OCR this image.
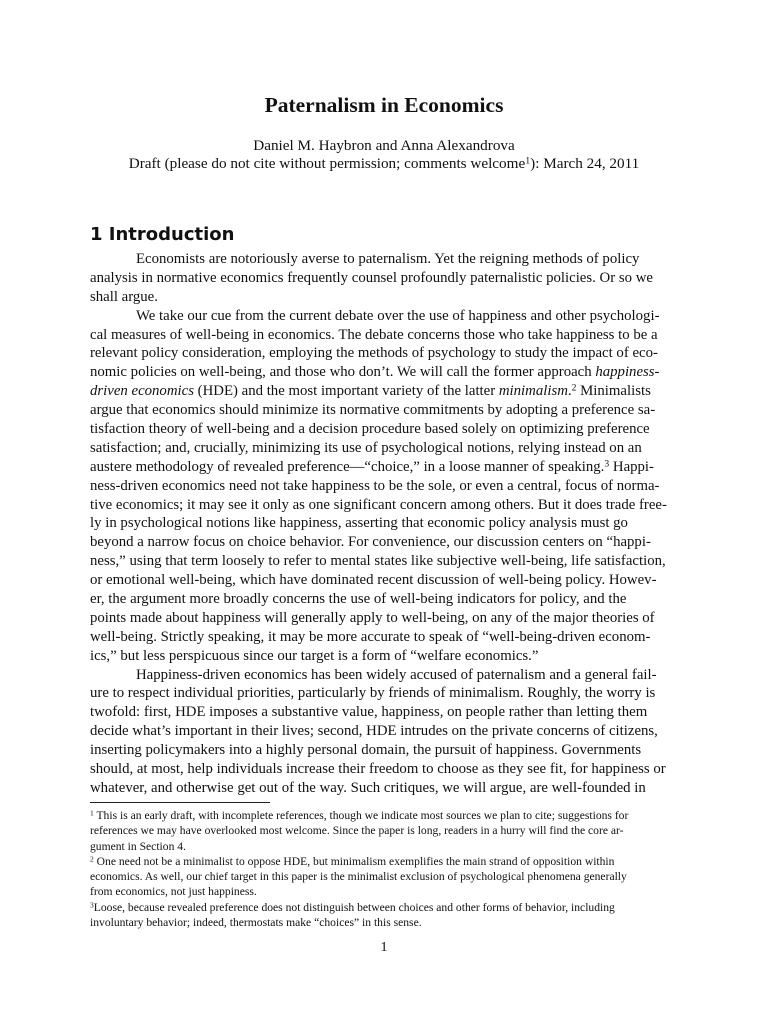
Paternalism in Economics
Daniel M. Haybron and Anna Alexandrova
Draft (please do not cite without permission; comments welcome$^1$): March 24, 2011
1 Introduction
Economists are notoriously averse to paternalism. Yet the reigning methods of policy
analysis in normative economics frequently counsel profoundly paternalistic policies. Or so we
shall argue.
We take our cue from the current debate over the use of happiness and other psychologi-
cal measures of well-being in economics. The debate concerns those who take happiness to be a
relevant policy consideration, employing the methods of psychology to study the impact of eco-
nomic policies on well-being, and those who don’t. We will call the former approach happiness-
driven economics (HDE) and the most important variety of the latter minimalism.$^2$ Minimalists
argue that economics should minimize its normative commitments by adopting a preference sa-
tisfaction theory of well-being and a decision procedure based solely on optimizing preference
satisfaction; and, crucially, minimizing its use of psychological notions, relying instead on an
austere methodology of revealed preference—“choice,” in a loose manner of speaking.$^3$ Happi-
ness-driven economics need not take happiness to be the sole, or even a central, focus of norma-
tive economics; it may see it only as one significant concern among others. But it does trade free-
ly in psychological notions like happiness, asserting that economic policy analysis must go
beyond a narrow focus on choice behavior. For convenience, our discussion centers on “happi-
ness,” using that term loosely to refer to mental states like subjective well-being, life satisfaction,
or emotional well-being, which have dominated recent discussion of well-being policy. Howev-
er, the argument more broadly concerns the use of well-being indicators for policy, and the
points made about happiness will generally apply to well-being, on any of the major theories of
well-being. Strictly speaking, it may be more accurate to speak of “well-being-driven econom-
ics,” but less perspicuous since our target is a form of “welfare economics.”
Happiness-driven economics has been widely accused of paternalism and a general fail-
ure to respect individual priorities, particularly by friends of minimalism. Roughly, the worry is
twofold: first, HDE imposes a substantive value, happiness, on people rather than letting them
decide what’s important in their lives; second, HDE intrudes on the private concerns of citizens,
inserting policymakers into a highly personal domain, the pursuit of happiness. Governments
should, at most, help individuals increase their freedom to choose as they see fit, for happiness or
whatever, and otherwise get out of the way. Such critiques, we will argue, are well-founded in
$^1$ This is an early draft, with incomplete references, though we indicate most sources we plan to cite; suggestions for
references we may have overlooked most welcome. Since the paper is long, readers in a hurry will find the core ar-
gument in Section 4.
$^2$ One need not be a minimalist to oppose HDE, but minimalism exemplifies the main strand of opposition within
economics. As well, our chief target in this paper is the minimalist exclusion of psychological phenomena generally
from economics, not just happiness.
$^3$Loose, because revealed preference does not distinguish between choices and other forms of behavior, including
involuntary behavior; indeed, thermostats make “choices” in this sense.
1
